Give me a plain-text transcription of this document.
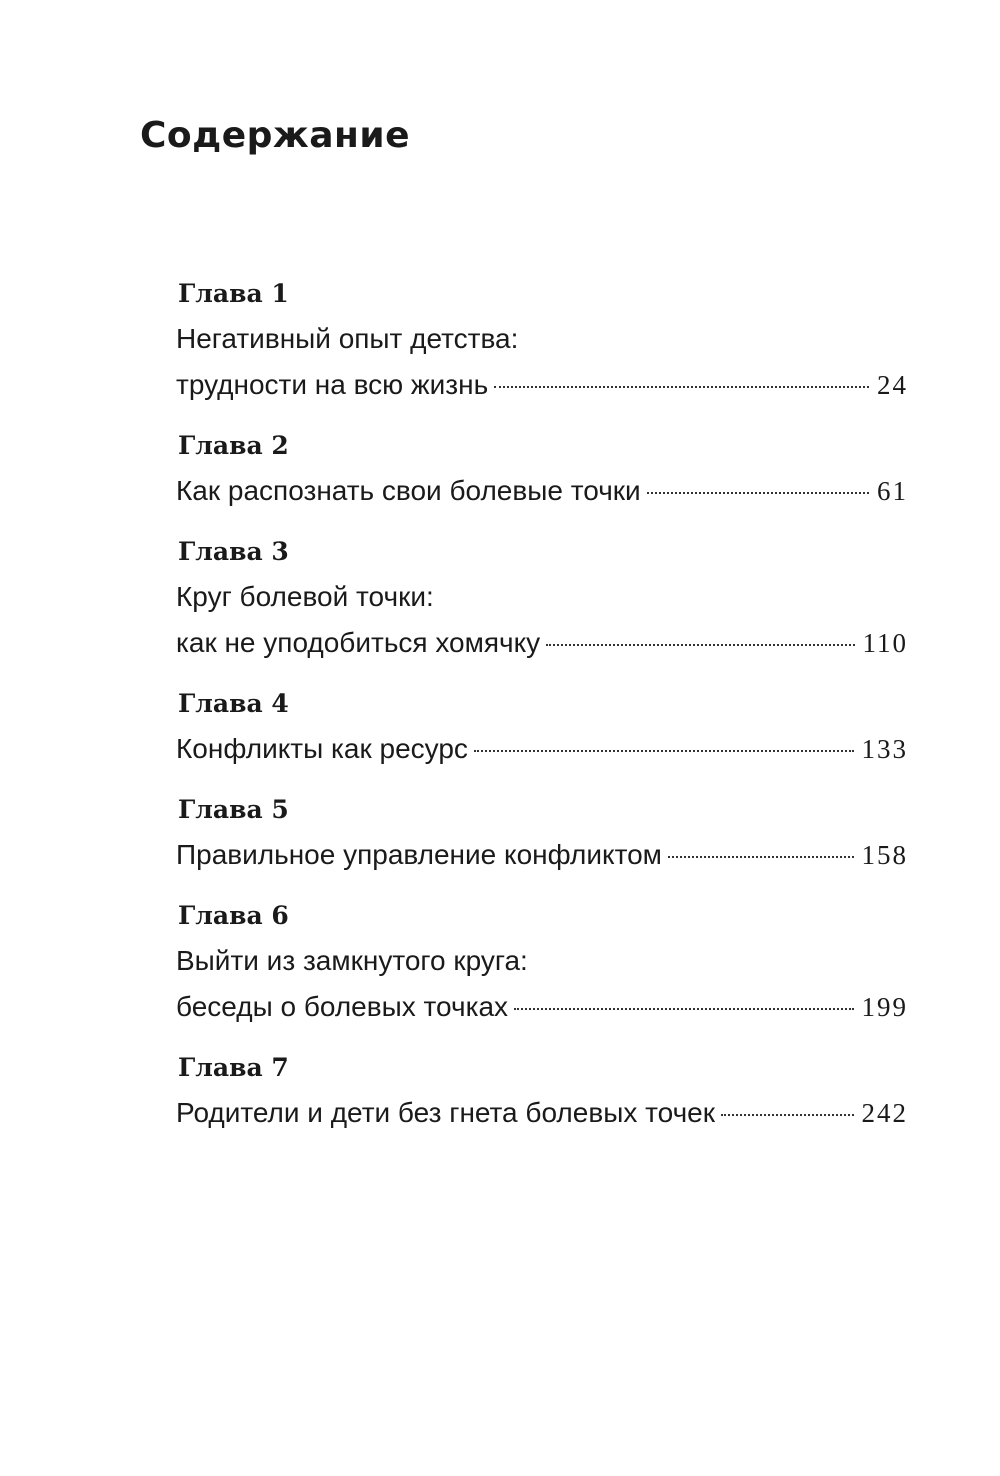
Содержание
Глава 1
Негативный опыт детства:
трудности на всю жизнь	24
Глава 2
Как распознать свои болевые точки	61
Глава 3
Круг болевой точки:
как не уподобиться хомячку	110
Глава 4
Конфликты как ресурс	133
Глава 5
Правильное управление конфликтом	158
Глава 6
Выйти из замкнутого круга:
беседы о болевых точках	199
Глава 7
Родители и дети без гнета болевых точек	242
